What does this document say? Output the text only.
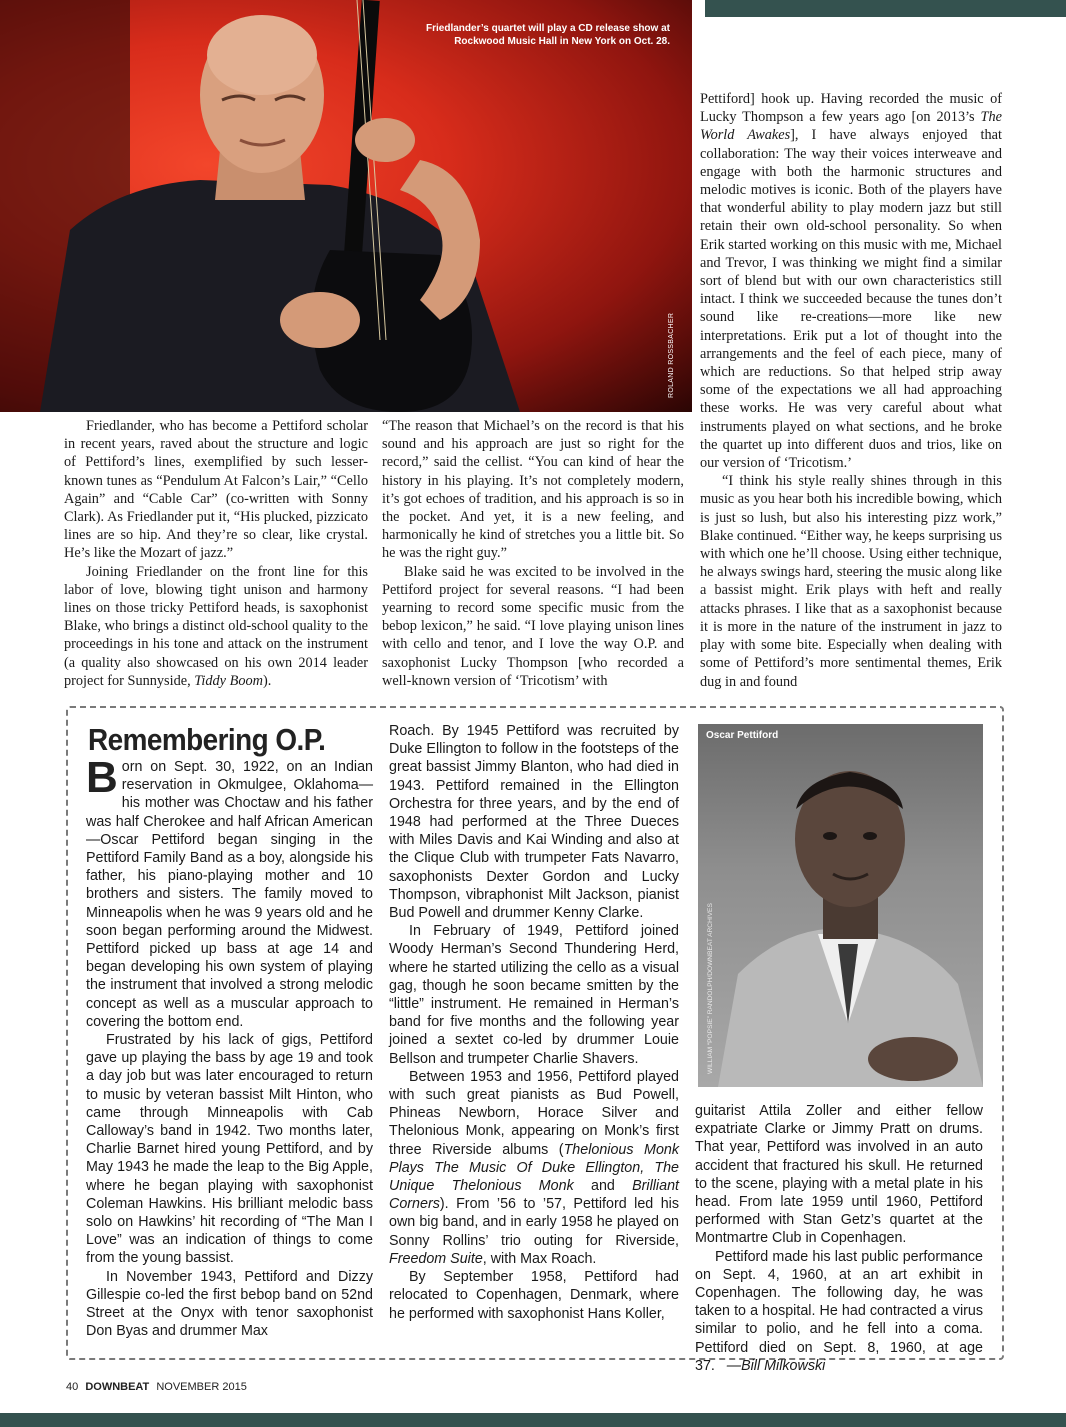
Friedlander’s quartet will play a CD release show at
Rockwood Music Hall in New York on Oct. 28.
ROLAND ROSSBACHER

Friedlander, who has become a Pettiford scholar in recent years, raved about the structure and logic of Pettiford’s lines, exemplified by such lesser-known tunes as “Pendulum At Falcon’s Lair,” “Cello Again” and “Cable Car” (co-written with Sonny Clark). As Friedlander put it, “His plucked, pizzicato lines are so hip. And they’re so clear, like crystal. He’s like the Mozart of jazz.”

Joining Friedlander on the front line for this labor of love, blowing tight unison and harmony lines on those tricky Pettiford heads, is saxophonist Blake, who brings a distinct old-school quality to the proceedings in his tone and attack on the instrument (a quality also showcased on his own 2014 leader project for Sunnyside, Tiddy Boom).

“The reason that Michael’s on the record is that his sound and his approach are just so right for the record,” said the cellist. “You can kind of hear the history in his playing. It’s not completely modern, it’s got echoes of tradition, and his approach is so in the pocket. And yet, it is a new feeling, and harmonically he kind of stretches you a little bit. So he was the right guy.”

Blake said he was excited to be involved in the Pettiford project for several reasons. “I had been yearning to record some specific music from the bebop lexicon,” he said. “I love playing unison lines with cello and tenor, and I love the way O.P. and saxophonist Lucky Thompson [who recorded a well-known version of ‘Tricotism’ with

Pettiford] hook up. Having recorded the music of Lucky Thompson a few years ago [on 2013’s The World Awakes], I have always enjoyed that collaboration: The way their voices interweave and engage with both the harmonic structures and melodic motives is iconic. Both of the players have that wonderful ability to play modern jazz but still retain their own old-school personality. So when Erik started working on this music with me, Michael and Trevor, I was thinking we might find a similar sort of blend but with our own characteristics still intact. I think we succeeded because the tunes don’t sound like re-creations—more like new interpretations. Erik put a lot of thought into the arrangements and the feel of each piece, many of which are reductions. So that helped strip away some of the expectations we all had approaching these works. He was very careful about what instruments played on what sections, and he broke the quartet up into different duos and trios, like on our version of ‘Tricotism.’

“I think his style really shines through in this music as you hear both his incredible bowing, which is just so lush, but also his interesting pizz work,” Blake continued. “Either way, he keeps surprising us with which one he’ll choose. Using either technique, he always swings hard, steering the music along like a bassist might. Erik plays with heft and really attacks phrases. I like that as a saxophonist because it is more in the nature of the instrument in jazz to play with some bite. Especially when dealing with some of Pettiford’s more sentimental themes, Erik dug in and found

Remembering O.P.

Born on Sept. 30, 1922, on an Indian reservation in Okmulgee, Oklahoma—his mother was Choctaw and his father was half Cherokee and half African American—Oscar Pettiford began singing in the Pettiford Family Band as a boy, alongside his father, his piano-playing mother and 10 brothers and sisters. The family moved to Minneapolis when he was 9 years old and he soon began performing around the Midwest. Pettiford picked up bass at age 14 and began developing his own system of playing the instrument that involved a strong melodic concept as well as a muscular approach to covering the bottom end.

Frustrated by his lack of gigs, Pettiford gave up playing the bass by age 19 and took a day job but was later encouraged to return to music by veteran bassist Milt Hinton, who came through Minneapolis with Cab Calloway’s band in 1942. Two months later, Charlie Barnet hired young Pettiford, and by May 1943 he made the leap to the Big Apple, where he began playing with saxophonist Coleman Hawkins. His brilliant melodic bass solo on Hawkins’ hit recording of “The Man I Love” was an indication of things to come from the young bassist.

In November 1943, Pettiford and Dizzy Gillespie co-led the first bebop band on 52nd Street at the Onyx with tenor saxophonist Don Byas and drummer Max

Roach. By 1945 Pettiford was recruited by Duke Ellington to follow in the footsteps of the great bassist Jimmy Blanton, who had died in 1943. Pettiford remained in the Ellington Orchestra for three years, and by the end of 1948 had performed at the Three Dueces with Miles Davis and Kai Winding and also at the Clique Club with trumpeter Fats Navarro, saxophonists Dexter Gordon and Lucky Thompson, vibraphonist Milt Jackson, pianist Bud Powell and drummer Kenny Clarke.

In February of 1949, Pettiford joined Woody Herman’s Second Thundering Herd, where he started utilizing the cello as a visual gag, though he soon became smitten by the “little” instrument. He remained in Herman’s band for five months and the following year joined a sextet co-led by drummer Louie Bellson and trumpeter Charlie Shavers.

Between 1953 and 1956, Pettiford played with such great pianists as Bud Powell, Phineas Newborn, Horace Silver and Thelonious Monk, appearing on Monk’s first three Riverside albums (Thelonious Monk Plays The Music Of Duke Ellington, The Unique Thelonious Monk and Brilliant Corners). From ’56 to ’57, Pettiford led his own big band, and in early 1958 he played on Sonny Rollins’ trio outing for Riverside, Freedom Suite, with Max Roach.

By September 1958, Pettiford had relocated to Copenhagen, Denmark, where he performed with saxophonist Hans Koller,

Oscar Pettiford
WILLIAM “POPSIE” RANDOLPH/DOWNBEAT ARCHIVES

guitarist Attila Zoller and either fellow expatriate Clarke or Jimmy Pratt on drums. That year, Pettiford was involved in an auto accident that fractured his skull. He returned to the scene, playing with a metal plate in his head. From late 1959 until 1960, Pettiford performed with Stan Getz’s quartet at the Montmartre Club in Copenhagen.

Pettiford made his last public performance on Sept. 4, 1960, at an art exhibit in Copenhagen. The following day, he was taken to a hospital. He had contracted a virus similar to polio, and he fell into a coma. Pettiford died on Sept. 8, 1960, at age 37. —Bill Milkowski

40 DOWNBEAT NOVEMBER 2015
